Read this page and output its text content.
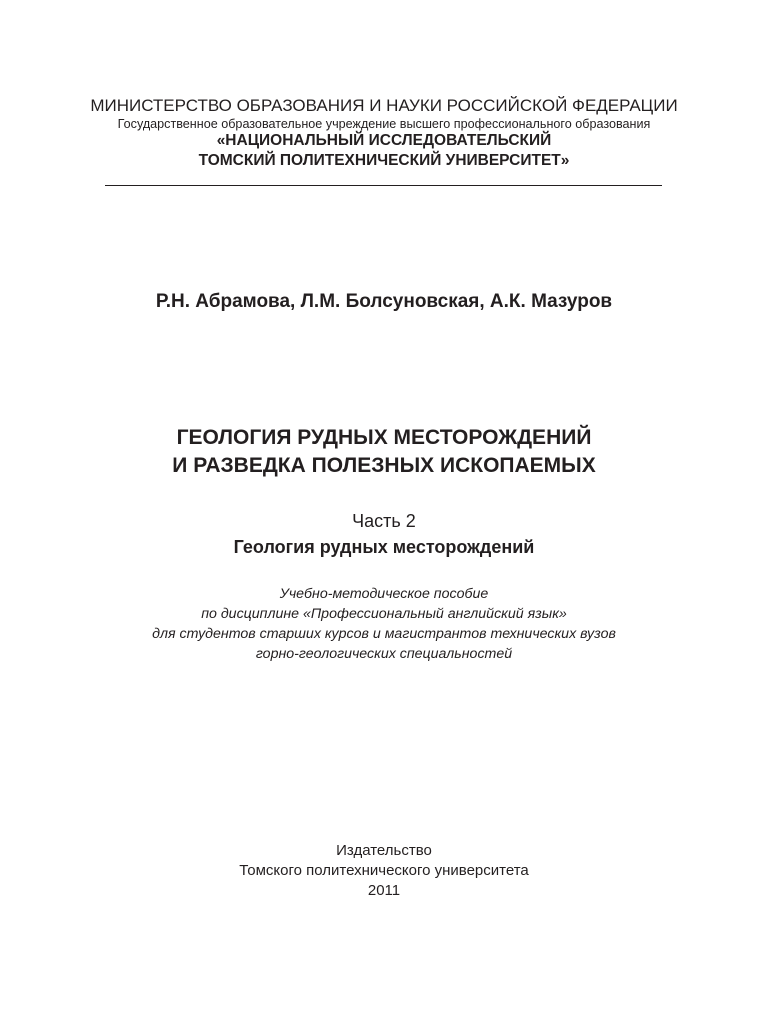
МИНИСТЕРСТВО ОБРАЗОВАНИЯ И НАУКИ РОССИЙСКОЙ ФЕДЕРАЦИИ
Государственное образовательное учреждение высшего профессионального образования
«НАЦИОНАЛЬНЫЙ ИССЛЕДОВАТЕЛЬСКИЙ
ТОМСКИЙ ПОЛИТЕХНИЧЕСКИЙ УНИВЕРСИТЕТ»
Р.Н. Абрамова, Л.М. Болсуновская, А.К. Мазуров
ГЕОЛОГИЯ РУДНЫХ МЕСТОРОЖДЕНИЙ
И РАЗВЕДКА ПОЛЕЗНЫХ ИСКОПАЕМЫХ
Часть 2
Геология рудных месторождений
Учебно-методическое пособие
по дисциплине «Профессиональный английский язык»
для студентов старших курсов и магистрантов технических вузов
горно-геологических специальностей
Издательство
Томского политехнического университета
2011
